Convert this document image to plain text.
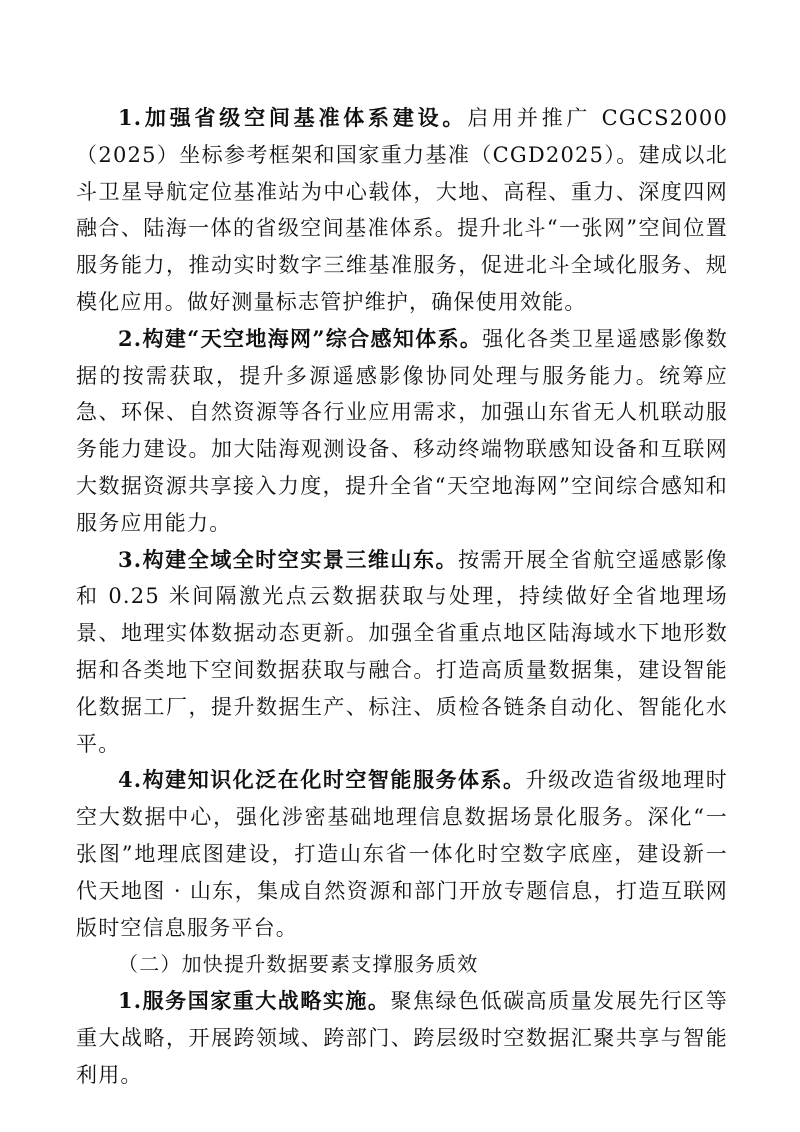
1.加强省级空间基准体系建设。启用并推广 CGCS2000（2025）坐标参考框架和国家重力基准（CGD2025）。建成以北斗卫星导航定位基准站为中心载体，大地、高程、重力、深度四网融合、陆海一体的省级空间基准体系。提升北斗“一张网”空间位置服务能力，推动实时数字三维基准服务，促进北斗全域化服务、规模化应用。做好测量标志管护维护，确保使用效能。

2.构建“天空地海网”综合感知体系。强化各类卫星遥感影像数据的按需获取，提升多源遥感影像协同处理与服务能力。统筹应急、环保、自然资源等各行业应用需求，加强山东省无人机联动服务能力建设。加大陆海观测设备、移动终端物联感知设备和互联网大数据资源共享接入力度，提升全省“天空地海网”空间综合感知和服务应用能力。

3.构建全域全时空实景三维山东。按需开展全省航空遥感影像和 0.25 米间隔激光点云数据获取与处理，持续做好全省地理场景、地理实体数据动态更新。加强全省重点地区陆海域水下地形数据和各类地下空间数据获取与融合。打造高质量数据集，建设智能化数据工厂，提升数据生产、标注、质检各链条自动化、智能化水平。

4.构建知识化泛在化时空智能服务体系。升级改造省级地理时空大数据中心，强化涉密基础地理信息数据场景化服务。深化“一张图”地理底图建设，打造山东省一体化时空数字底座，建设新一代天地图 · 山东，集成自然资源和部门开放专题信息，打造互联网版时空信息服务平台。

（二）加快提升数据要素支撑服务质效

1.服务国家重大战略实施。聚焦绿色低碳高质量发展先行区等重大战略，开展跨领域、跨部门、跨层级时空数据汇聚共享与智能利用。
